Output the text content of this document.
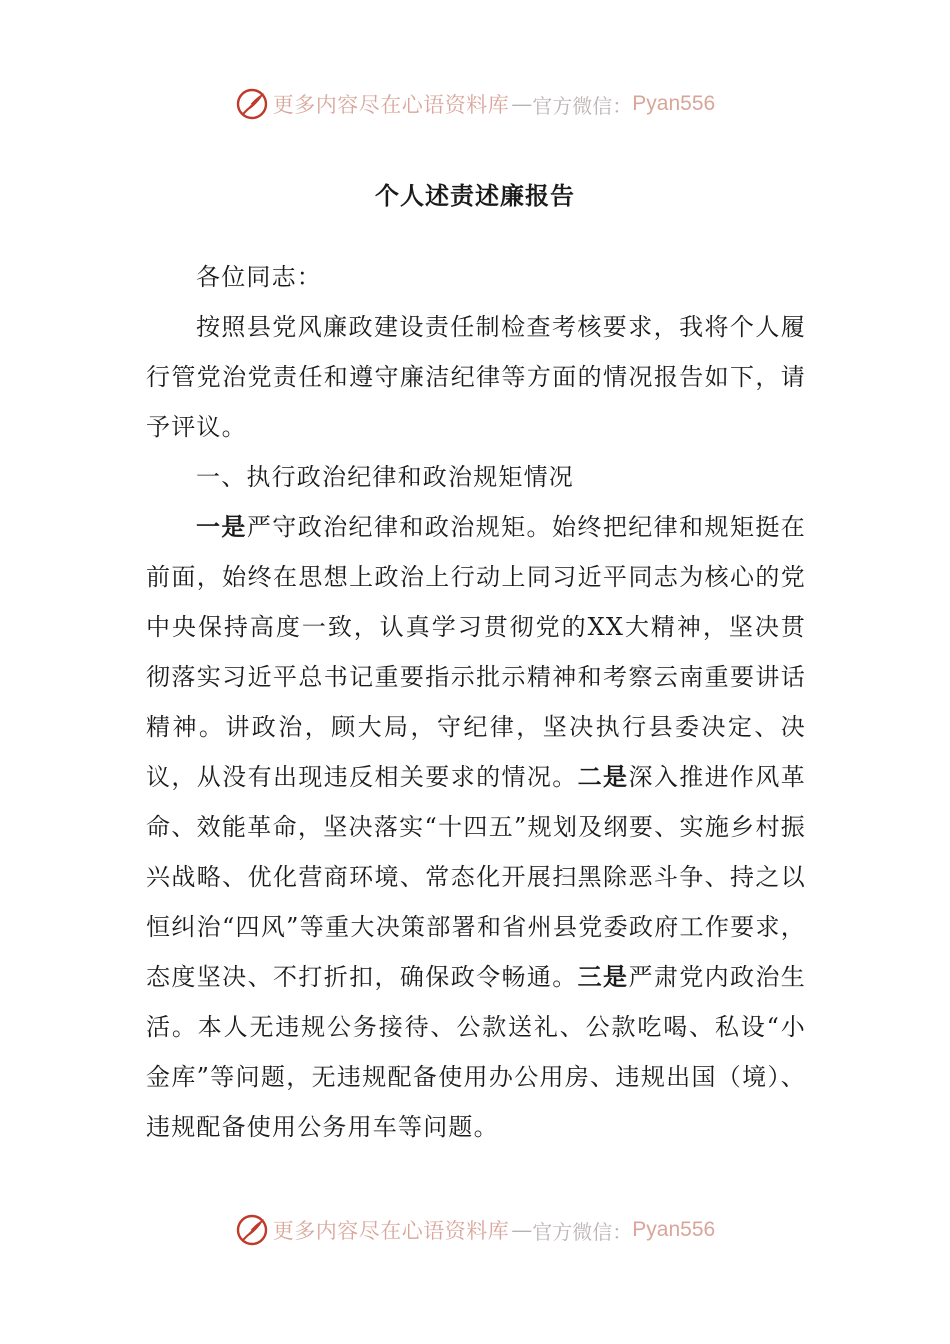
更多内容尽在心语资料库 — 官方微信： Pyan556
个人述责述廉报告

各位同志：

按照县党风廉政建设责任制检查考核要求，我将个人履行管党治党责任和遵守廉洁纪律等方面的情况报告如下，请予评议。

一、执行政治纪律和政治规矩情况

一是严守政治纪律和政治规矩。始终把纪律和规矩挺在前面，始终在思想上政治上行动上同习近平同志为核心的党中央保持高度一致，认真学习贯彻党的XX大精神，坚决贯彻落实习近平总书记重要指示批示精神和考察云南重要讲话精神。讲政治，顾大局，守纪律，坚决执行县委决定、决议，从没有出现违反相关要求的情况。二是深入推进作风革命、效能革命，坚决落实“十四五”规划及纲要、实施乡村振兴战略、优化营商环境、常态化开展扫黑除恶斗争、持之以恒纠治“四风”等重大决策部署和省州县党委政府工作要求，态度坚决、不打折扣，确保政令畅通。三是严肃党内政治生活。本人无违规公务接待、公款送礼、公款吃喝、私设“小金库”等问题，无违规配备使用办公用房、违规出国（境）、违规配备使用公务用车等问题。

更多内容尽在心语资料库 — 官方微信： Pyan556
